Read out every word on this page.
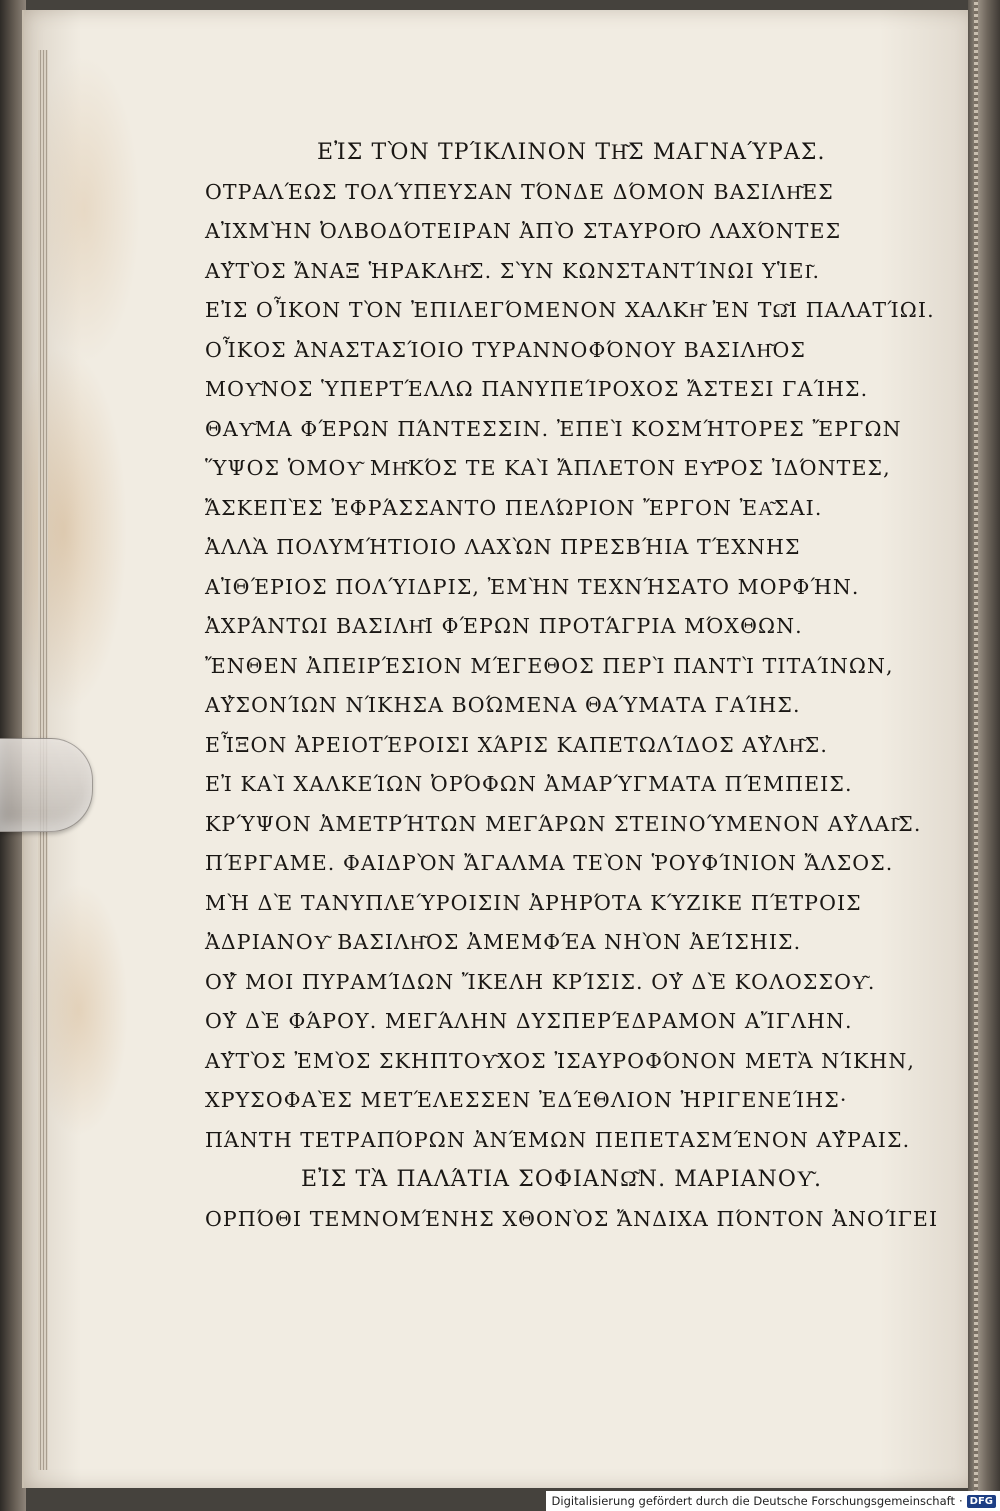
ΕἸΣ ΤῸΝ ΤΡΊΚΛΙΝΟΝ ΤΗ͂Σ ΜΑΓΝΑΎΡΑΣ.
ΟΤΡΑΛΈΩΣ ΤΟΛΎΠΕΥΣΑΝ ΤΌΝΔΕ ΔΌΜΟΝ ΒΑΣΙΛΗ͂ΕΣ
ΑἸΧΜῊΝ ὈΛΒΟΔΌΤΕΙΡΑΝ ἈΠῸ ΣΤΑΥΡΟΙ͂Ο ΛΑΧΌΝΤΕΣ
ΑΥ̓ΤῸΣ ἌΝΑΞ ἩΡΑΚΛΗ͂Σ. ΣῪΝ ΚΩΝΣΤΑΝΤΊΝΩΙ ΥἹΕΙ͂.
ΕἸΣ ΟἾΚΟΝ ΤῸΝ ἘΠΙΛΕΓΌΜΕΝΟΝ ΧΑΛΚΗ͂ ἘΝ ΤΩ͂Ι ΠΑΛΑΤΊΩΙ.
ΟἾΚΟΣ ἈΝΑΣΤΑΣΊΟΙΟ ΤΥΡΑΝΝΟΦΌΝΟΥ ΒΑΣΙΛΗ͂ΟΣ
ΜΟΥ͂ΝΟΣ ὙΠΕΡΤΈΛΛΩ ΠΑΝΥΠΕΊΡΟΧΟΣ ἌΣΤΕΣΙ ΓΑΊΗΣ.
ΘΑΥ͂ΜΑ ΦΈΡΩΝ ΠΆΝΤΕΣΣΙΝ. ἘΠΕῚ ΚΟΣΜΉΤΟΡΕΣ ἜΡΓΩΝ
ὝΨΟΣ ὉΜΟΥ͂ ΜΗ͂ΚΌΣ ΤΕ ΚΑῚ ἌΠΛΕΤΟΝ ΕΥ̓͂ΡΟΣ ἸΔΌΝΤΕΣ,
ἌΣΚΕΠῈΣ ἘΦΡΆΣΣΑΝΤΟ ΠΕΛΏΡΙΟΝ ἜΡΓΟΝ ἘΑ͂ΣΑΙ.
ἈΛΛᾺ ΠΟΛΥΜΉΤΙΟΙΟ ΛΑΧῺΝ ΠΡΕΣΒΉΙΑ ΤΈΧΝΗΣ
ΑἸΘΈΡΙΟΣ ΠΟΛΎΙΔΡΙΣ, ἘΜῊΝ ΤΕΧΝΉΣΑΤΟ ΜΟΡΦΉΝ.
ἈΧΡΆΝΤΩΙ ΒΑΣΙΛΗ͂Ι ΦΈΡΩΝ ΠΡΟΤΆΓΡΙΑ ΜΌΧΘΩΝ.
ἜΝΘΕΝ ἈΠΕΙΡΈΣΙΟΝ ΜΈΓΕΘΟΣ ΠΕΡῚ ΠΑΝΤῚ ΤΙΤΑΊΝΩΝ,
ΑΥ̓ΣΟΝΊΩΝ ΝΊΚΗΣΑ ΒΟΏΜΕΝΑ ΘΑΎΜΑΤΑ ΓΑΊΗΣ.
ΕἾΞΟΝ ἈΡΕΙΟΤΈΡΟΙΣΙ ΧΆΡΙΣ ΚΑΠΕΤΩΛΊΔΟΣ ΑΥ̓ΛΗ͂Σ.
ΕἸ ΚΑῚ ΧΑΛΚΕΊΩΝ ὈΡΌΦΩΝ ἈΜΑΡΎΓΜΑΤΑ ΠΈΜΠΕΙΣ.
ΚΡΎΨΟΝ ἈΜΕΤΡΉΤΩΝ ΜΕΓΆΡΩΝ ΣΤΕΙΝΟΎΜΕΝΟΝ ΑΥ̓ΛΑΙ͂Σ.
ΠΈΡΓΑΜΕ. ΦΑΙΔΡῸΝ ἌΓΑΛΜΑ ΤΕῸΝ ῬΟΥΦΊΝΙΟΝ ἌΛΣΟΣ.
ΜῊ ΔῈ ΤΑΝΥΠΛΕΎΡΟΙΣΙΝ ἈΡΗΡΌΤΑ ΚΎΖΙΚΕ ΠΈΤΡΟΙΣ
ἈΔΡΙΑΝΟΥ͂ ΒΑΣΙΛΗ͂ΟΣ ἈΜΕΜΦΈΑ ΝΗῸΝ ἈΕΊΣΗΙΣ.
ΟΥ̓́ ΜΟΙ ΠΥΡΑΜΊΔΩΝ ἼΚΕΛΗ ΚΡΊΣΙΣ. ΟΥ̓ ΔῈ ΚΟΛΟΣΣΟΥ͂.
ΟΥ̓ ΔῈ ΦΆΡΟΥ. ΜΕΓΆΛΗΝ ΔΥΣΠΕΡΈΔΡΑΜΟΝ ΑἼΓΛΗΝ.
ΑΥ̓ΤῸΣ ἘΜῸΣ ΣΚΗΠΤΟΥ͂ΧΟΣ ἸΣΑΥΡΟΦΌΝΟΝ ΜΕΤᾺ ΝΊΚΗΝ,
ΧΡΥΣΟΦΑῈΣ ΜΕΤΈΛΕΣΣΕΝ ἘΔΈΘΛΙΟΝ ἨΡΙΓΕΝΕΊΗΣ·
ΠΆΝΤΗ ΤΕΤΡΑΠΌΡΩΝ ἈΝΈΜΩΝ ΠΕΠΕΤΑΣΜΈΝΟΝ ΑΥ̓́ΡΑΙΣ.
ΕἸΣ ΤᾺ ΠΑΛΆΤΙΑ ΣΟΦΙΑΝΩ͂Ν. ΜΑΡΙΑΝΟΥ͂.
ΟΡΠΌΘΙ ΤΕΜΝΟΜΈΝΗΣ ΧΘΟΝῸΣ ἌΝΔΙΧΑ ΠΌΝΤΟΝ ἈΝΟΊΓΕΙ
Digitalisierung gefördert durch die Deutsche Forschungsgemeinschaft · DFG
